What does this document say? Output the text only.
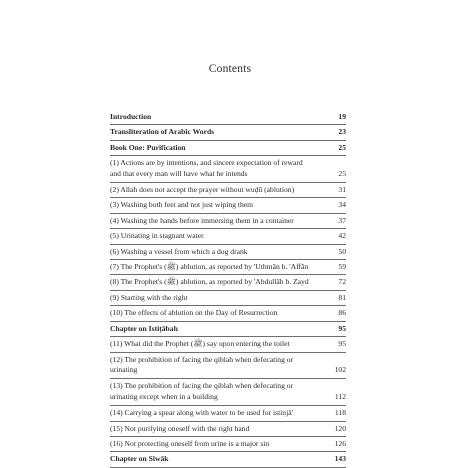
Contents
Introduction	19
Transliteration of Arabic Words	23
Book One: Purification	25
(1) Actions are by intentions, and sincere expectation of reward and that every man will have what he intends	25
(2) Allah does not accept the prayer without wuḍū (ablution)	31
(3) Washing both feet and not just wiping them	34
(4) Washing the hands before immersing them in a container	37
(5) Urinating in stagnant water	42
(6) Washing a vessel from which a dog drank	50
(7) The Prophet's (ﷺ) ablution, as reported by 'Uthmān b. 'Affān	59
(8) The Prophet's (ﷺ) ablution, as reported by 'Abdullāh b. Zayd	72
(9) Starting with the right	81
(10) The effects of ablution on the Day of Resurrection	86
Chapter on Istiṭābah	95
(11) What did the Prophet (ﷺ) say upon entering the toilet	95
(12) The prohibition of facing the qiblah when defecating or urinating	102
(13) The prohibition of facing the qiblah when defecating or urinating except when in a building	112
(14) Carrying a spear along with water to be used for istinjā'	118
(15) Not purifying oneself with the right hand	120
(16) Not protecting oneself from urine is a major sin	126
Chapter on Siwāk	143
